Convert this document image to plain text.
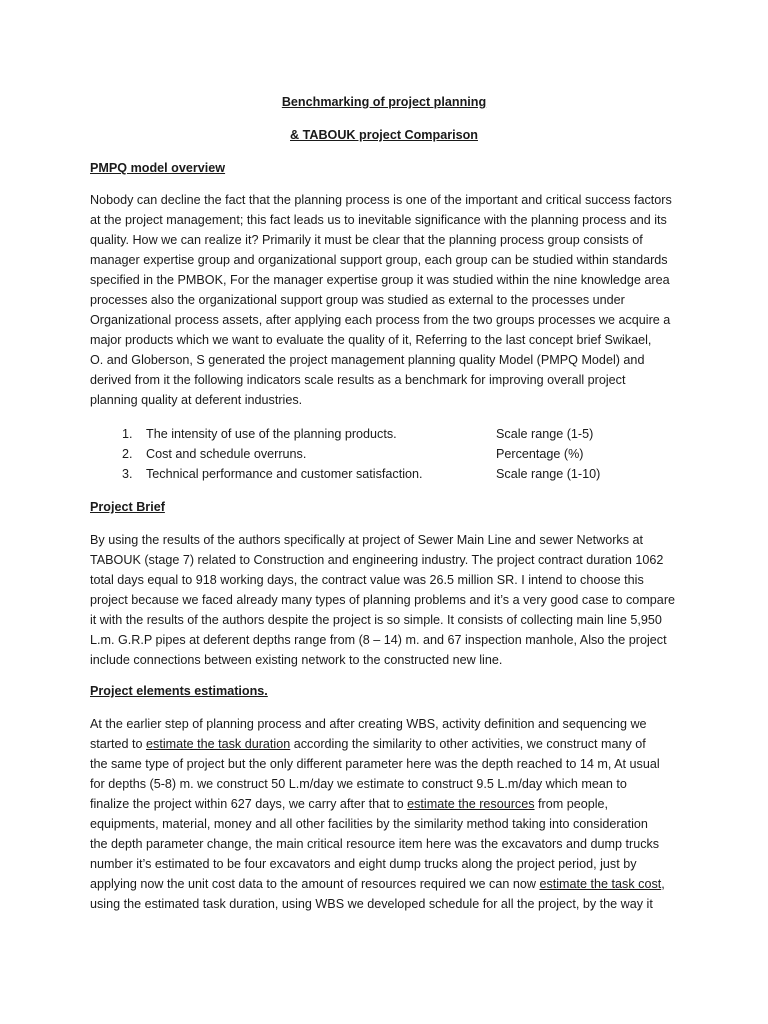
Benchmarking of project planning
& TABOUK project Comparison
PMPQ model overview
Nobody can decline the fact that the planning process is one of the important and critical success factors
at the project management; this fact leads us to inevitable significance with the planning process and its
quality. How we can realize it? Primarily it must be clear that the planning process group consists of
manager expertise group and organizational support group, each group can be studied within standards
specified in the PMBOK, For the manager expertise group it was studied within the nine knowledge area
processes also the organizational support group was studied as external to the processes under
Organizational process assets, after applying each process from the two groups processes we acquire a
major products which we want to evaluate the quality of it, Referring to the last concept brief Swikael,
O. and Globerson, S generated the project management planning quality Model (PMPQ Model) and
derived from it the following indicators scale results as a benchmark for improving overall project
planning quality at deferent industries.
1. The intensity of use of the planning products.	Scale range (1-5)
2. Cost and schedule overruns.	Percentage (%)
3. Technical performance and customer satisfaction.	Scale range (1-10)
Project Brief
By using the results of the authors specifically at project of Sewer Main Line and sewer Networks at
TABOUK (stage 7) related to Construction and engineering industry. The project contract duration 1062
total days equal to 918 working days, the contract value was 26.5 million SR. I intend to choose this
project because we faced already many types of planning problems and it’s a very good case to compare
it with the results of the authors despite the project is so simple. It consists of collecting main line 5,950
L.m. G.R.P pipes at deferent depths range from (8 – 14) m. and 67 inspection manhole, Also the project
include connections between existing network to the constructed new line.
Project elements estimations.
At the earlier step of planning process and after creating WBS, activity definition and sequencing we
started to estimate the task duration according the similarity to other activities, we construct many of
the same type of project but the only different parameter here was the depth reached to 14 m, At usual
for depths (5-8) m. we construct 50 L.m/day we estimate to construct 9.5 L.m/day which mean to
finalize the project within 627 days, we carry after that to estimate the resources from people,
equipments, material, money and all other facilities by the similarity method taking into consideration
the depth parameter change, the main critical resource item here was the excavators and dump trucks
number it’s estimated to be four excavators and eight dump trucks along the project period, just by
applying now the unit cost data to the amount of resources required we can now estimate the task cost,
using the estimated task duration, using WBS we developed schedule for all the project, by the way it
